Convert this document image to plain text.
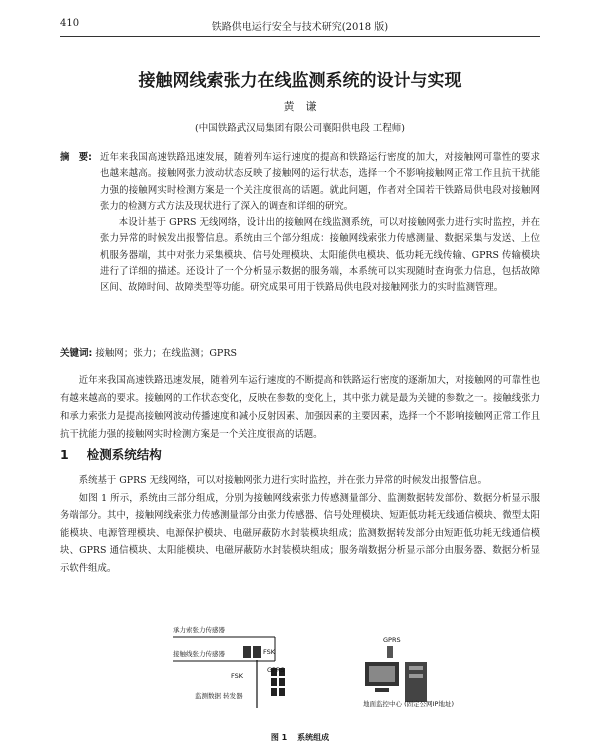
410	铁路供电运行安全与技术研究(2018 版)
接触网线索张力在线监测系统的设计与实现
黄　谦
(中国铁路武汉局集团有限公司襄阳供电段 工程师)
摘　要: 近年来我国高速铁路迅速发展，随着列车运行速度的提高和铁路运行密度的加大，对接触网可靠性的要求也越来越高。接触网张力波动状态反映了接触网的运行状态，选择一个不影响接触网正常工作且抗干扰能力强的接触网实时检测方案是一个关注度很高的话题。就此问题，作者对全国若干铁路局供电段对接触网张力的检测方式方法及现状进行了深入的调查和详细的研究。

本设计基于 GPRS 无线网络，设计出的接触网在线监测系统，可以对接触网张力进行实时监控，并在张力异常的时候发出报警信息。系统由三个部分组成：接触网线索张力传感测量、数据采集与发送、上位机服务器端，其中对张力采集模块、信号处理模块、太阳能供电模块、低功耗无线传输、GPRS 传输模块进行了详细的描述。还设计了一个分析显示数据的服务端，本系统可以实现随时查询张力信息，包括故障区间、故障时间、故障类型等功能。研究成果可用于铁路局供电段对接触网张力的实时监测管理。

关键词: 接触网；张力；在线监测；GPRS

近年来我国高速铁路迅速发展，随着列车运行速度的不断提高和铁路运行密度的逐渐加大，对接触网的可靠性也有越来越高的要求。接触网的工作状态变化，反映在参数的变化上，其中张力就是最为关键的参数之一。接触线张力和承力索张力是提高接触网波动传播速度和减小反射因素、加强因素的主要因素，选择一个不影响接触网正常工作且抗干扰能力强的接触网实时检测方案是一个关注度很高的话题。

1 检测系统结构

系统基于 GPRS 无线网络，可以对接触网张力进行实时监控，并在张力异常的时候发出报警信息。

如图 1 所示，系统由三部分组成，分别为接触网线索张力传感测量部分、监测数据转发部份、数据分析显示服务端部分。其中，接触网线索张力传感测量部分由张力传感器、信号处理模块、短距低功耗无线通信模块、微型太阳能模块、电源管理模块、电源保护模块、电磁屏蔽防水封装模块组成；监测数据转发部分由短距低功耗无线通信模块、GPRS 通信模块、太阳能模块、电磁屏蔽防水封装模块组成；服务端数据分析显示部分由服务器、数据分析显示软件组成。

承力索张力传感器
接触线张力传感器	FSK
FSK
GPRS
监测数据 转发器
GPRS
地面监控中心 (固定公网IP地址)
图 1 系统组成
